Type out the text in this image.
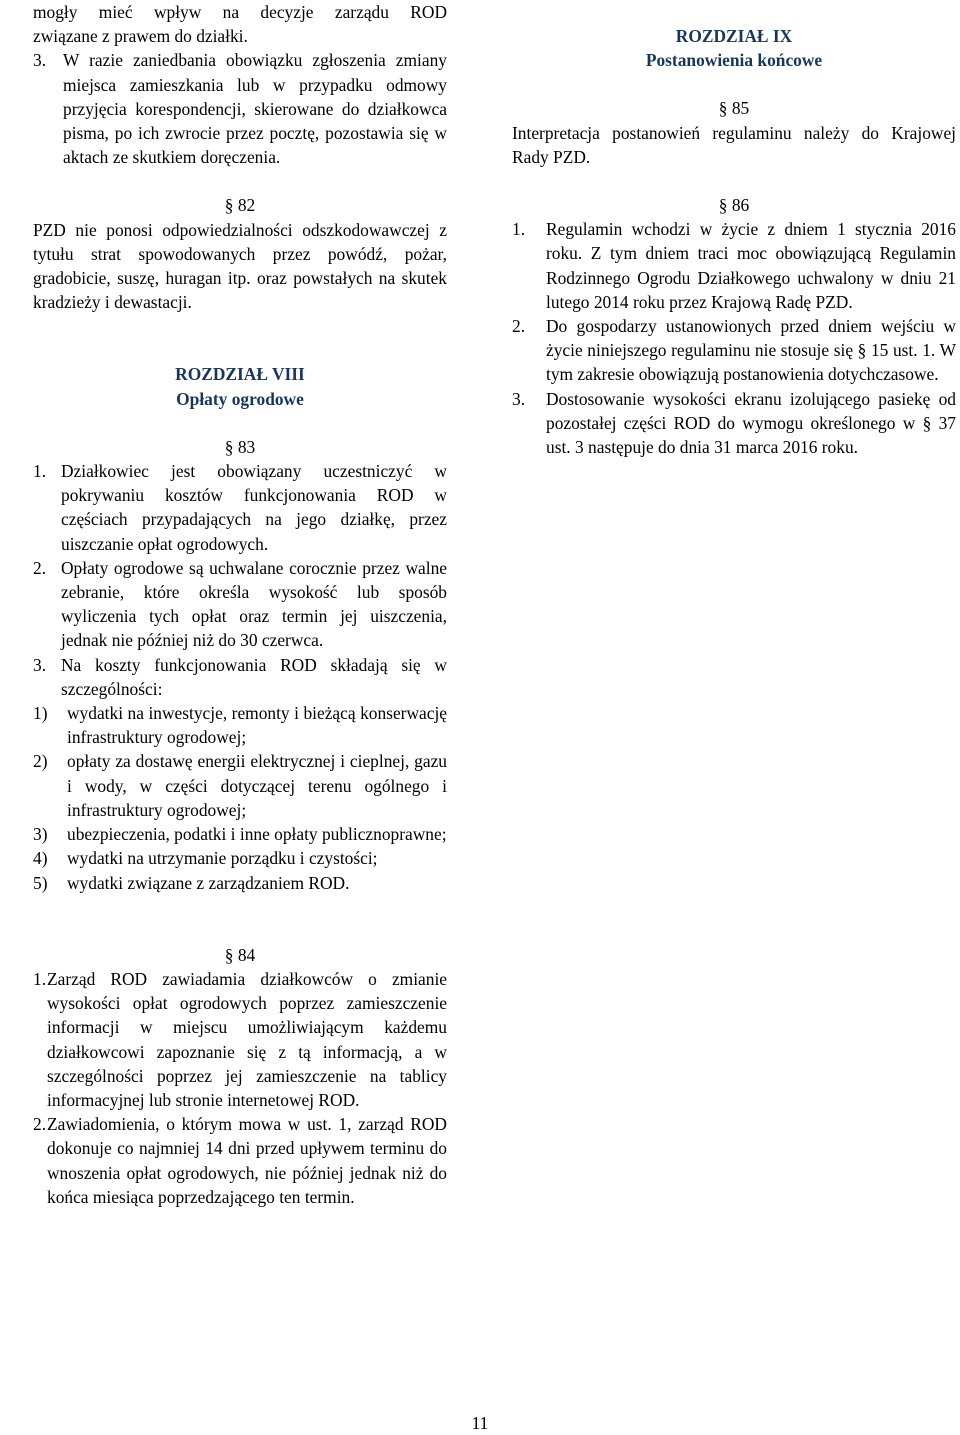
mogły mieć wpływ na decyzje zarządu ROD

związane z prawem do działki.

3. W razie zaniedbania obowiązku zgłoszenia zmiany miejsca zamieszkania lub w przypadku odmowy przyjęcia korespondencji, skierowane do działkowca pisma, po ich zwrocie przez pocztę, pozostawia się w aktach ze skutkiem doręczenia.

§ 82

PZD nie ponosi odpowiedzialności odszkodowawczej z tytułu strat spowodowanych przez powódź, pożar, gradobicie, suszę, huragan itp. oraz powstałych na skutek kradzieży i dewastacji.

ROZDZIAŁ VIII

Opłaty ogrodowe

§ 83

1. Działkowiec jest obowiązany uczestniczyć w pokrywaniu kosztów funkcjonowania ROD w częściach przypadających na jego działkę, przez uiszczanie opłat ogrodowych.
2. Opłaty ogrodowe są uchwalane corocznie przez walne zebranie, które określa wysokość lub sposób wyliczenia tych opłat oraz termin jej uiszczenia, jednak nie później niż do 30 czerwca.
3. Na koszty funkcjonowania ROD składają się w szczególności:
1)	wydatki na inwestycje, remonty i bieżącą konserwację infrastruktury ogrodowej;
2)	opłaty za dostawę energii elektrycznej i cieplnej, gazu i wody, w części dotyczącej terenu ogólnego i infrastruktury ogrodowej;
3)	ubezpieczenia, podatki i inne opłaty publicznoprawne;
4)	wydatki na utrzymanie porządku i czystości;
5)	wydatki związane z zarządzaniem ROD.

§ 84

1. Zarząd ROD zawiadamia działkowców o zmianie wysokości opłat ogrodowych poprzez zamieszczenie informacji w miejscu umożliwiającym każdemu działkowcowi zapoznanie się z tą informacją, a w szczególności poprzez jej zamieszczenie na tablicy informacyjnej lub stronie internetowej ROD.
2. Zawiadomienia, o którym mowa w ust. 1, zarząd ROD dokonuje co najmniej 14 dni przed upływem terminu do wnoszenia opłat ogrodowych, nie później jednak niż do końca miesiąca poprzedzającego ten termin.

ROZDZIAŁ IX

Postanowienia końcowe

§ 85

Interpretacja postanowień regulaminu należy do Krajowej Rady PZD.

§ 86

1.	Regulamin wchodzi w życie z dniem 1 stycznia 2016 roku. Z tym dniem traci moc obowiązującą Regulamin Rodzinnego Ogrodu Działkowego uchwalony w dniu 21 lutego 2014 roku przez Krajową Radę PZD.
2.	Do gospodarzy ustanowionych przed dniem wejściu w życie niniejszego regulaminu nie stosuje się § 15 ust. 1. W tym zakresie obowiązują postanowienia dotychczasowe.
3.	Dostosowanie wysokości ekranu izolującego pasiekę od pozostałej części ROD do wymogu określonego w § 37 ust. 3 następuje do dnia 31 marca 2016 roku.
11
